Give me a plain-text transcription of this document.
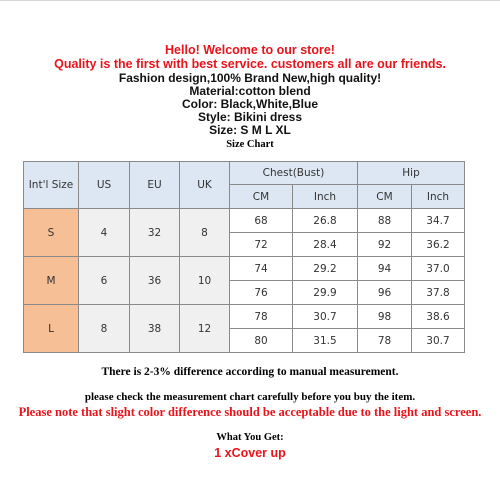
Hello! Welcome to our store!
Quality is the first with best service. customers all are our friends.
Fashion design,100% Brand New,high quality!
Material:cotton blend
Color: Black,White,Blue
Style: Bikini dress
Size: S M L XL
Size Chart
Int'l Size	US	EU	UK	Chest(Bust)		Hip	
				CM	Inch	CM	Inch
S	4	32	8	68	26.8	88	34.7
				72	28.4	92	36.2
M	6	36	10	74	29.2	94	37.0
				76	29.9	96	37.8
L	8	38	12	78	30.7	98	38.6
				80	31.5	78	30.7
There is 2-3% difference according to manual measurement.
please check the measurement chart carefully before you buy the item.
Please note that slight color difference should be acceptable due to the light and screen.
What You Get:
1 xCover up
